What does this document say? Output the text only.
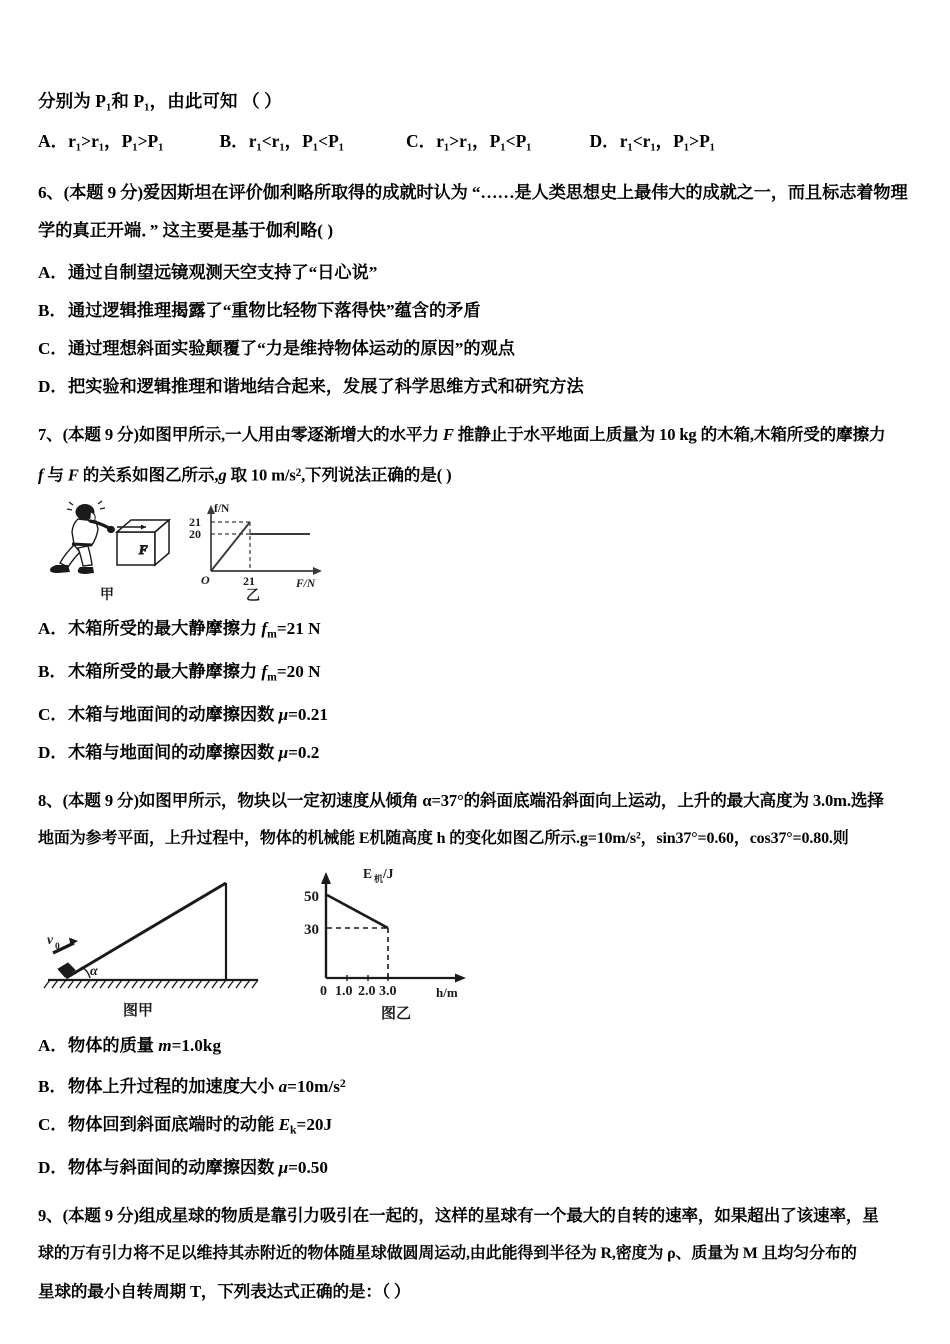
分别为 P₁和 P₁，由此可知 （ ）
A．r₁>r₁，P₁>P₁	B．r₁<r₁，P₁<P₁	C．r₁>r₁，P₁<P₁	D．r₁<r₁，P₁>P₁
6、(本题 9 分)爱因斯坦在评价伽利略所取得的成就时认为 “……是人类思想史上最伟大的成就之一，而且标志着物理
学的真正开端．” 这主要是基于伽利略( )
A．通过自制望远镜观测天空支持了“日心说”
B．通过逻辑推理揭露了“重物比轻物下落得快”蕴含的矛盾
C．通过理想斜面实验颠覆了“力是维持物体运动的原因”的观点
D．把实验和逻辑推理和谐地结合起来，发展了科学思维方式和研究方法
7、(本题 9 分)如图甲所示,一人用由零逐渐增大的水平力 F 推静止于水平地面上质量为 10 kg 的木箱,木箱所受的摩擦力
f 与 F 的关系如图乙所示,g 取 10 $m/s^2$,下列说法正确的是( )
F
f/N
21
20
O	21	F/N
甲	乙
A．木箱所受的最大静摩擦力 $f_m=21$ N
B．木箱所受的最大静摩擦力 $f_m=20$ N
C．木箱与地面间的动摩擦因数 μ=0.21
D．木箱与地面间的动摩擦因数 μ=0.2
8、(本题 9 分)如图甲所示，物块以一定初速度从倾角 α=37°的斜面底端沿斜面向上运动，上升的最大高度为 3.0m.选择
地面为参考平面，上升过程中，物体的机械能 E机随高度 h 的变化如图乙所示.g=10m/s²，sin37°=0.60，cos37°=0.80.则
v 0
α
图甲
E 机 /J
50
30
0 1.0 2.0 3.0	h/m
图乙
A．物体的质量 m=1.0kg
B．物体上升过程的加速度大小 $a=10m/s^2$
C．物体回到斜面底端时的动能 $E_k=20J$
D．物体与斜面间的动摩擦因数 μ=0.50
9、(本题 9 分)组成星球的物质是靠引力吸引在一起的，这样的星球有一个最大的自转的速率，如果超出了该速率，星
球的万有引力将不足以维持其赤附近的物体随星球做圆周运动,由此能得到半径为 R,密度为 ρ、质量为 M 且均匀分布的
星球的最小自转周期 T，下列表达式正确的是：（ ）
